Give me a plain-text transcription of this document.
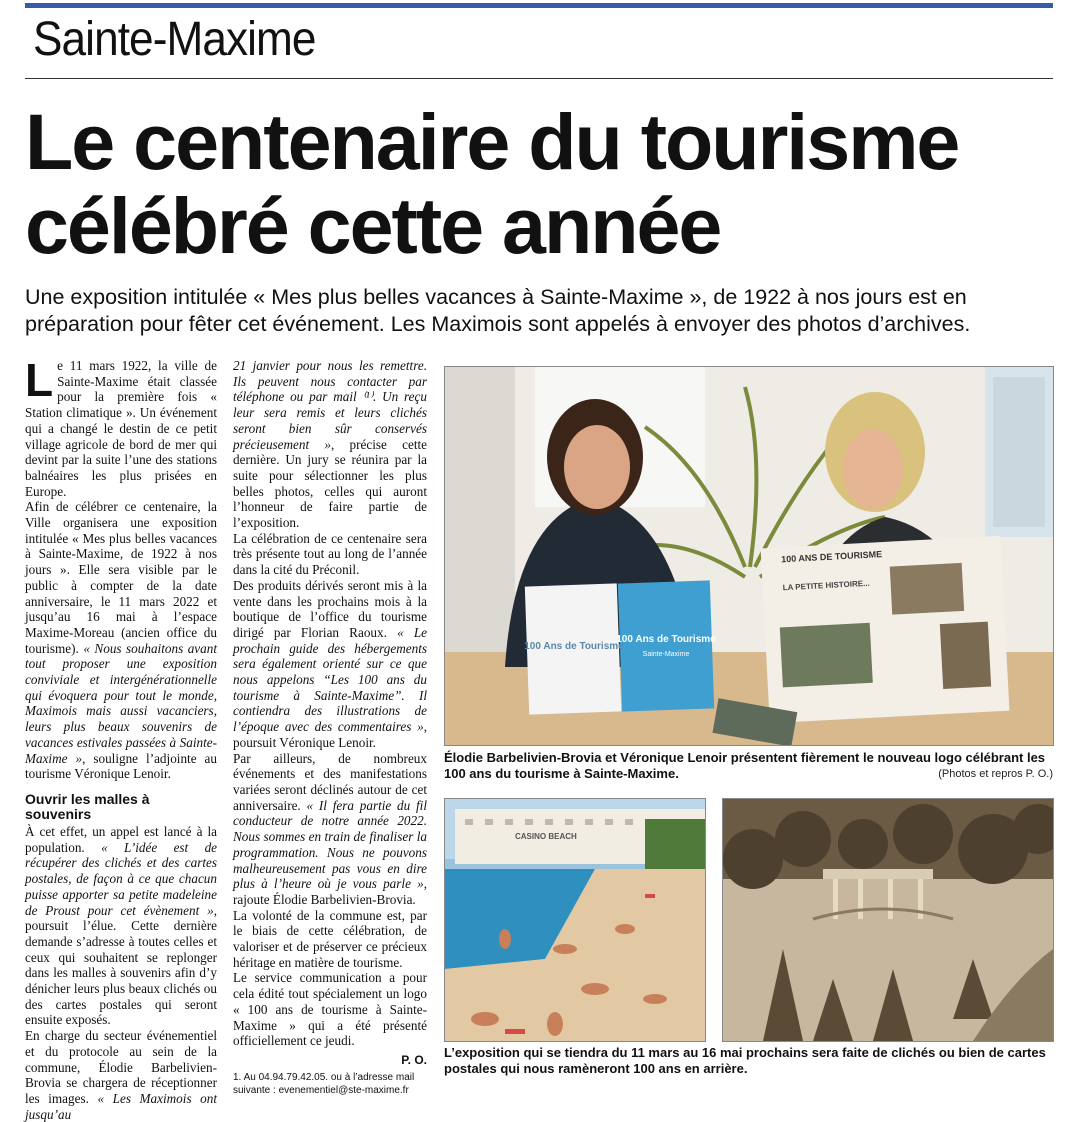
Sainte-Maxime
Le centenaire du tourisme
célébré cette année

Une exposition intitulée « Mes plus belles vacances à Sainte-Maxime », de 1922 à nos jours est en préparation pour fêter cet événement. Les Maximois sont appelés à envoyer des photos d’archives.

Le 11 mars 1922, la ville de Sainte-Maxime était classée pour la première fois « Station climatique ». Un événement qui a changé le destin de ce petit village agricole de bord de mer qui devint par la suite l’une des stations balnéaires les plus prisées en Europe.

Afin de célébrer ce centenaire, la Ville organisera une exposition intitulée « Mes plus belles vacances à Sainte-Maxime, de 1922 à nos jours ». Elle sera visible par le public à compter de la date anniversaire, le 11 mars 2022 et jusqu’au 16 mai à l’espace Maxime-Moreau (ancien office du tourisme). « Nous souhaitons avant tout proposer une exposition conviviale et intergénérationnelle qui évoquera pour tout le monde, Maximois mais aussi vacanciers, leurs plus beaux souvenirs de vacances estivales passées à Sainte-Maxime », souligne l’adjointe au tourisme Véronique Lenoir.

Ouvrir les malles à souvenirs

À cet effet, un appel est lancé à la population. « L’idée est de récupérer des clichés et des cartes postales, de façon à ce que chacun puisse apporter sa petite madeleine de Proust pour cet évènement », poursuit l’élue. Cette dernière demande s’adresse à toutes celles et ceux qui souhaitent se replonger dans les malles à souvenirs afin d’y dénicher leurs plus beaux clichés ou des cartes postales qui seront ensuite exposés.

En charge du secteur événementiel et du protocole au sein de la commune, Élodie Barbelivien-Brovia se chargera de réceptionner les images. « Les Maximois ont jusqu’au

21 janvier pour nous les remettre. Ils peuvent nous contacter par téléphone ou par mail ⁽¹⁾. Un reçu leur sera remis et leurs clichés seront bien sûr conservés précieusement », précise cette dernière. Un jury se réunira par la suite pour sélectionner les plus belles photos, celles qui auront l’honneur de faire partie de l’exposition.

La célébration de ce centenaire sera très présente tout au long de l’année dans la cité du Préconil.

Des produits dérivés seront mis à la vente dans les prochains mois à la boutique de l’office du tourisme dirigé par Florian Raoux. « Le prochain guide des hébergements sera également orienté sur ce que nous appelons “Les 100 ans du tourisme à Sainte-Maxime”. Il contiendra des illustrations de l’époque avec des commentaires », poursuit Véronique Lenoir.

Par ailleurs, de nombreux événements et des manifestations variées seront déclinés autour de cet anniversaire. « Il fera partie du fil conducteur de notre année 2022. Nous sommes en train de finaliser la programmation. Nous ne pouvons malheureusement pas vous en dire plus à l’heure où je vous parle », rajoute Élodie Barbelivien-Brovia.

La volonté de la commune est, par le biais de cette célébration, de valoriser et de préserver ce précieux héritage en matière de tourisme.

Le service communication a pour cela édité tout spécialement un logo « 100 ans de tourisme à Sainte-Maxime » qui a été présenté officiellement ce jeudi.

P. O.

1. Au 04.94.79.42.05. ou à l’adresse mail suivante : evenementiel@ste-maxime.fr

100 Ans de Tourisme
100 Ans de Tourisme
Sainte-Maxime
100 ANS DE TOURISME
LA PETITE HISTOIRE...
Élodie Barbelivien-Brovia et Véronique Lenoir présentent fièrement le nouveau logo célébrant les 100 ans du tourisme à Sainte-Maxime.	(Photos et repros P. O.)
CASINO BEACH
L’exposition qui se tiendra du 11 mars au 16 mai prochains sera faite de clichés ou bien de cartes postales qui nous ramèneront 100 ans en arrière.
